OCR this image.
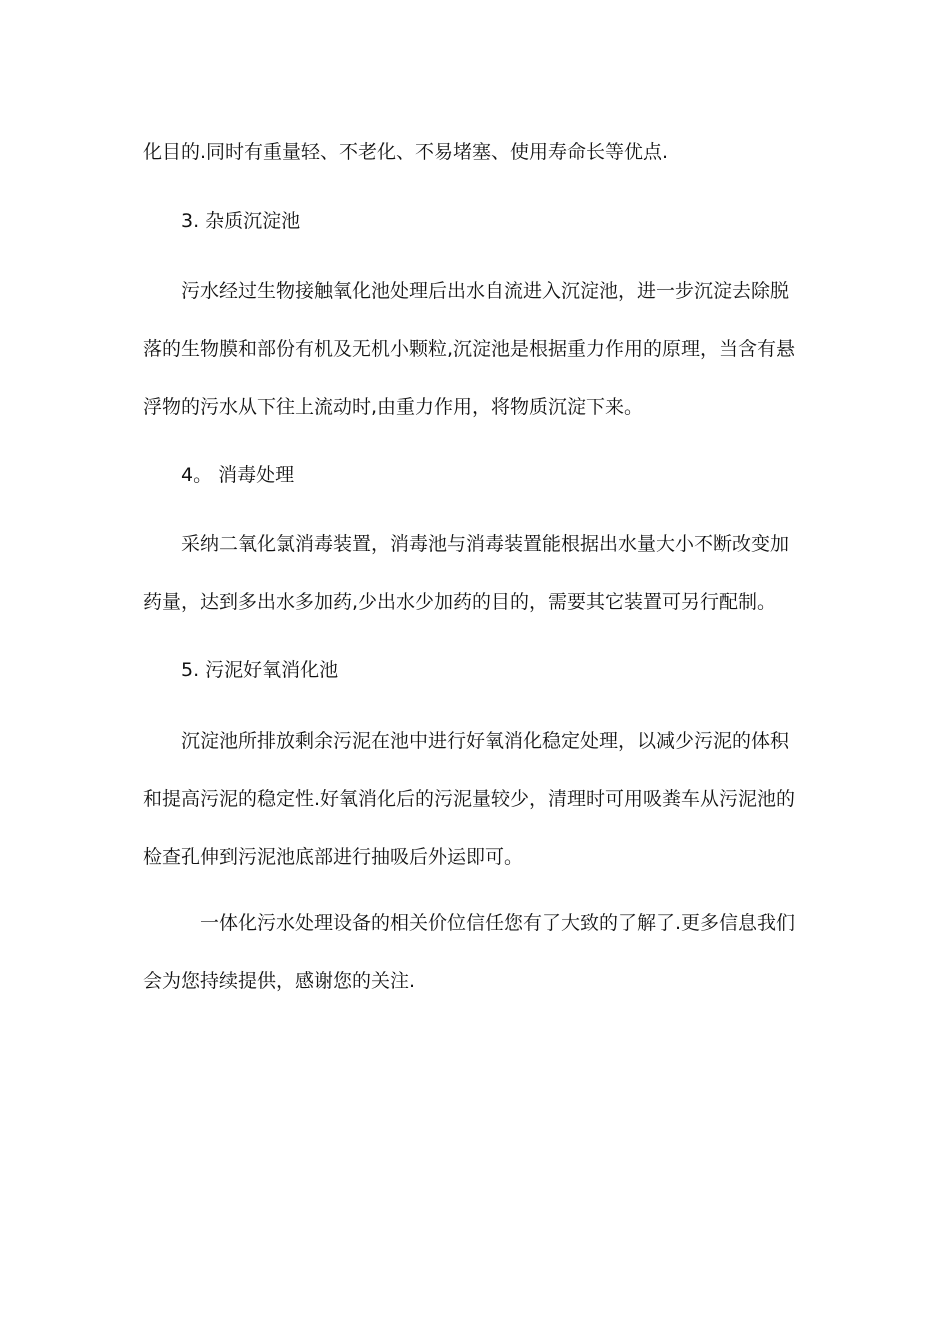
化目的.同时有重量轻、不老化、不易堵塞、使用寿命长等优点.
3. 杂质沉淀池
污水经过生物接触氧化池处理后出水自流进入沉淀池，进一步沉淀去除脱
落的生物膜和部份有机及无机小颗粒,沉淀池是根据重力作用的原理，当含有悬
浮物的污水从下往上流动时,由重力作用，将物质沉淀下来。
4。 消毒处理
采纳二氧化氯消毒装置，消毒池与消毒装置能根据出水量大小不断改变加
药量，达到多出水多加药,少出水少加药的目的，需要其它装置可另行配制。
5. 污泥好氧消化池
沉淀池所排放剩余污泥在池中进行好氧消化稳定处理，以减少污泥的体积
和提高污泥的稳定性.好氧消化后的污泥量较少，清理时可用吸粪车从污泥池的
检查孔伸到污泥池底部进行抽吸后外运即可。
一体化污水处理设备的相关价位信任您有了大致的了解了.更多信息我们
会为您持续提供，感谢您的关注.
